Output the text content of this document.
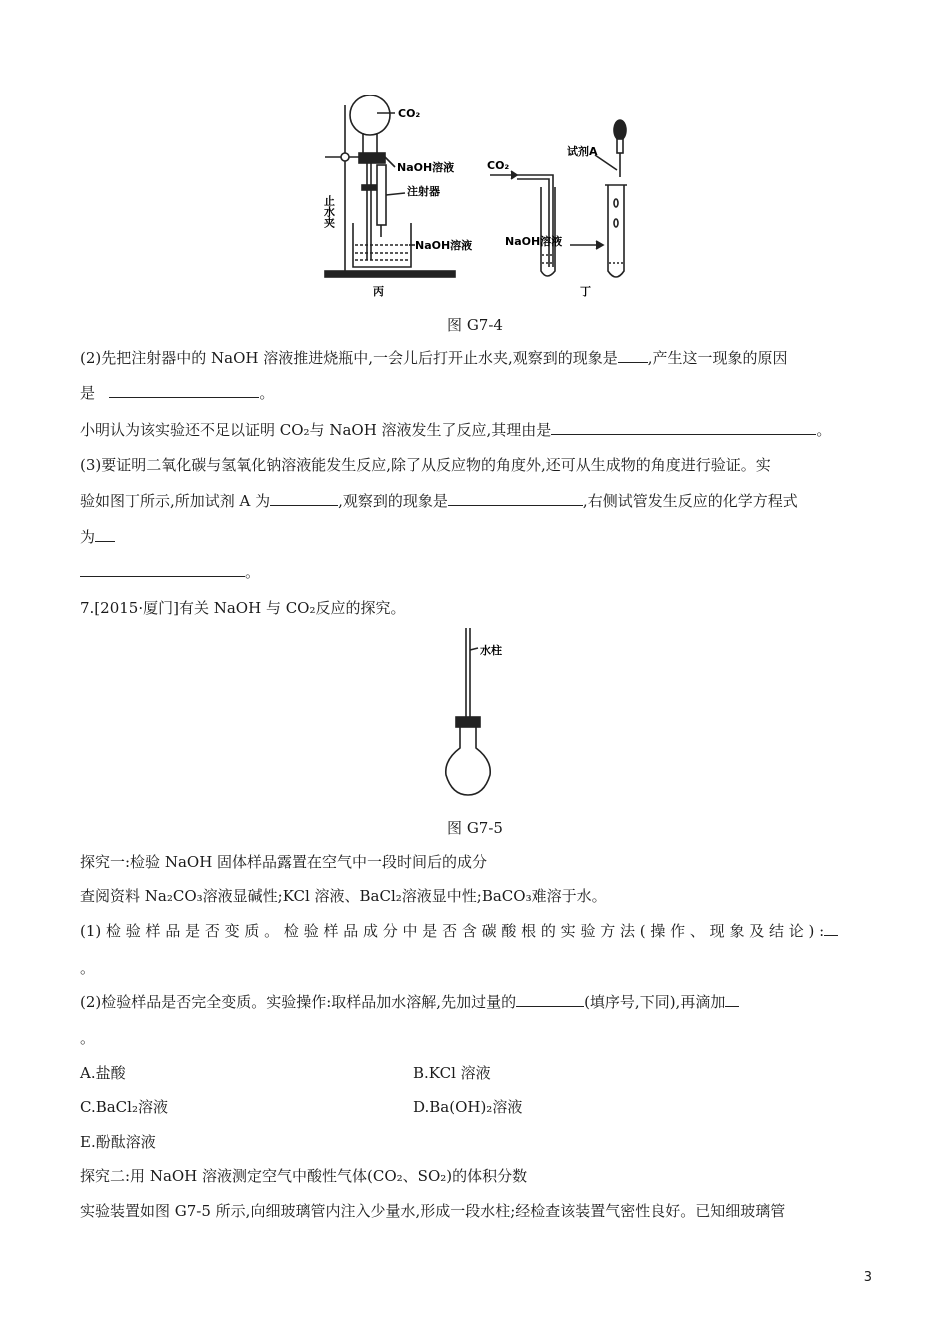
CO₂
NaOH溶液
注射器
NaOH溶液
丙
CO₂
试剂A
NaOH溶液
丁
止水夹
图 G7-4
(2)先把注射器中的 NaOH 溶液推进烧瓶中,一会儿后打开止水夹,观察到的现象是 ,产生这一现象的原因
是	。
小明认为该实验还不足以证明 CO₂与 NaOH 溶液发生了反应,其理由是	。
(3)要证明二氧化碳与氢氧化钠溶液能发生反应,除了从反应物的角度外,还可从生成物的角度进行验证。实
验如图丁所示,所加试剂 A 为	,观察到的现象是	,右侧试管发生反应的化学方程式
为
。
7.[2015·厦门]有关 NaOH 与 CO₂反应的探究。
水柱
图 G7-5
探究一:检验 NaOH 固体样品露置在空气中一段时间后的成分
查阅资料 Na₂CO₃溶液显碱性;KCl 溶液、BaCl₂溶液显中性;BaCO₃难溶于水。
(1) 检 验 样 品 是 否 变 质 。 检 验 样 品 成 分 中 是 否 含 碳 酸 根 的 实 验 方 法 ( 操 作 、 现 象 及 结 论 ) :
。
(2)检验样品是否完全变质。实验操作:取样品加水溶解,先加过量的	(填序号,下同),再滴加
。
A.盐酸	B.KCl 溶液
C.BaCl₂溶液	D.Ba(OH)₂溶液
E.酚酞溶液
探究二:用 NaOH 溶液测定空气中酸性气体(CO₂、SO₂)的体积分数
实验装置如图 G7-5 所示,向细玻璃管内注入少量水,形成一段水柱;经检查该装置气密性良好。已知细玻璃管
3
